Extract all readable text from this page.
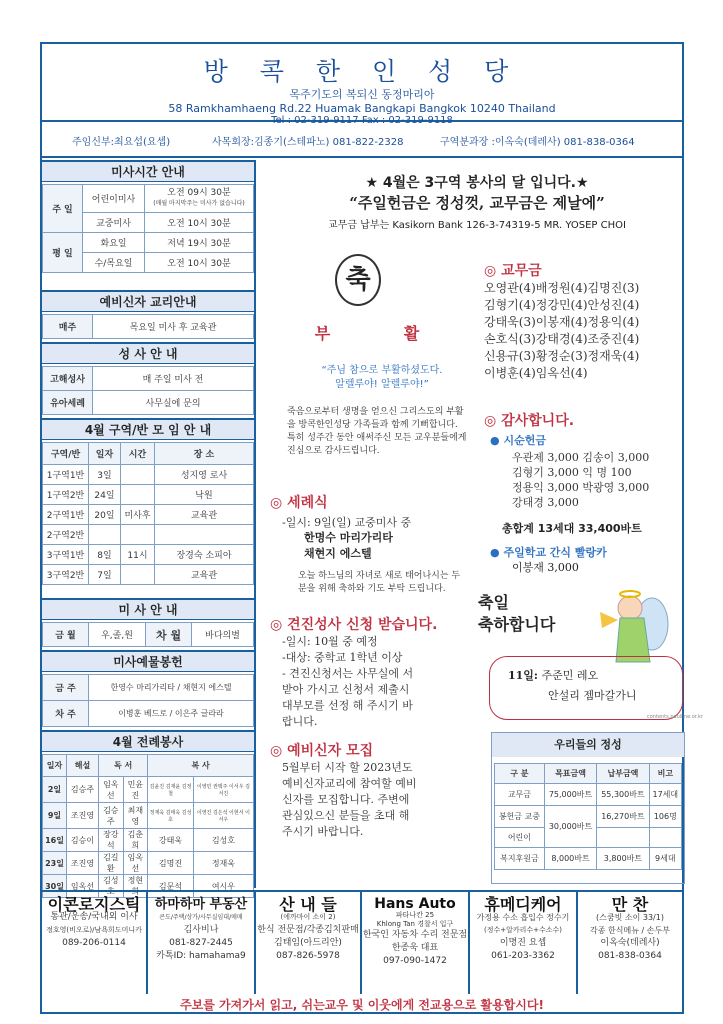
방 콕 한 인 성 당
목주기도의 복되신 동정마리아
58 Ramkhamhaeng Rd.22 Huamak Bangkapi Bangkok 10240 Thailand
Tel : 02-319-9117 Fax : 02-319-9118
주임신부:최요섭(요셉)	사목회장:김종기(스테파노) 081-822-2328	구역분과장 :이옥숙(데레사) 081-838-0364
미사시간 안내
주 일	어린이미사	오전 09시 30분
(매월 마지막주는 미사가 없습니다)
	교중미사	오전 10시 30분
평 일	화요일	저녁 19시 30분
	수/목요일	오전 10시 30분
예비신자 교리안내
매주	목요일 미사 후 교육관
성 사 안 내
고해성사	매 주일 미사 전
유아세례	사무실에 문의
4월 구역/반 모 임 안 내
구역/반	일자	시간	장 소
1구역1반	3일		성지영 로사
1구역2반	24일		낙원
2구역1반	20일	미사후	교육관
2구역2반			
3구역1반	8일	11시	장경숙 소피아
3구역2반	7일		교육관
미 사 안 내
금 월	우,졸,원	차 월	바다의별
미사예물봉헌
금 주	한영수 마리가리타 / 채현지 에스텔
차 주	이병훈 베드로 / 이은주 글라라
4월 전례봉사
일자	해설	독 서		복 사	
2일	김승주	임옥선	민윤진	김윤진 김재윤 김정철	이영민 권택주 이서우 김서진
9일	조진영	김승주	최재영	정재욱 김태욱 김성호	이영진 김은석 이현서 이서우
16일	김승이	장강석	김춘희	강태욱	김성호
23일	조진영	김길환	임옥선	김명진	정재욱
30일	임옥선	김성호	정현희	김문석	여시우
★ 4월은 3구역 봉사의 달 입니다.★
“주일헌금은 정성껏, 교무금은 제날에”
교무금 납부는 Kasikorn Bank 126-3-74319-5 MR. YOSEP CHOI
축
부 활
“주님 참으로 부활하셨도다.
알렐루야! 알렐루야!”
죽음으로부터 생명을 얻으신 그리스도의 부활을 방콕한인성당 가족들과 함께 기뻐합니다. 특히 성주간 동안 애써주신 모든 교우분들에게 진심으로 감사드립니다.
◎ 교무금
오영관(4)배정원(4)김명진(3)
김형기(4)정강민(4)안성진(4)
강태욱(3)이봉재(4)정용익(4)
손호식(3)강태경(4)조중진(4)
신용규(3)황정순(3)정재욱(4)
이병훈(4)임옥선(4)
◎ 감사합니다.
● 시순헌금
우관제 3,000 김송이 3,000
김형기 3,000 익 명 100
정용익 3,000 박광영 3,000
강태경 3,000
총합계 13세대 33,400바트
● 주일학교 간식 빨랑카
이봉재 3,000
◎ 세례식
-일시: 9일(일) 교중미사 중
한명수 마리가리타
채현지 에스텔
오늘 하느님의 자녀로 새로 태어나시는 두 분을 위해 축하와 기도 부탁 드립니다.
◎ 견진성사 신청 받습니다.
-일시: 10월 중 예정
-대상: 중학교 1학년 이상
- 견진신청서는 사무실에 서
받아 가시고 신청서 제출시
대부모를 선정 해 주시기 바
랍니다.
◎ 예비신자 모집
5월부터 시작 할 2023년도
예비신자교리에 참여할 예비
신자를 모집합니다. 주변에
관심있으신 분들을 초대 해
주시기 바랍니다.
축일
축하합니다
11일: 주준민 레오
안설리 젬마갈가니
contents.paulline.or.kr
우리들의 정성
구 분	목표금액	납부금액	비고
교무금	75,000바트	55,300바트	17세대
봉헌금 교중	30,000바트	16,270바트	106명
어린이			
복지후원금	8,000바트	3,800바트	9세대
이콘로지스틱
통관/운송/국내외 이사
정호영(비오로)/남욕희도미니카
089-206-0114
하마하마 부동산
콘도/주택/상가/사무실임대/매매
김사비나
081-827-2445
카톡ID: hamahama9
산 내 들
(에까마이 소이 2)
한식 전문점/각종김치판매
김태임(아드리안)
087-826-5978
Hans Auto
파타나칸 25
Khlong Tan 경찰서 입구
한국인 자동차 수리 전문점
한종욱 대표
097-090-1472
휴메디케어
가정용 수소 흡입수 정수기
(정수+알카리수+수소수)
이명진 요셉
061-203-3362
만 찬
(스쿰빗 소이 33/1)
각종 한식메뉴 / 손두부
이옥숙(데레사)
081-838-0364
주보를 가져가서 읽고, 쉬는교우 및 이웃에게 전교용으로 활용합시다!
